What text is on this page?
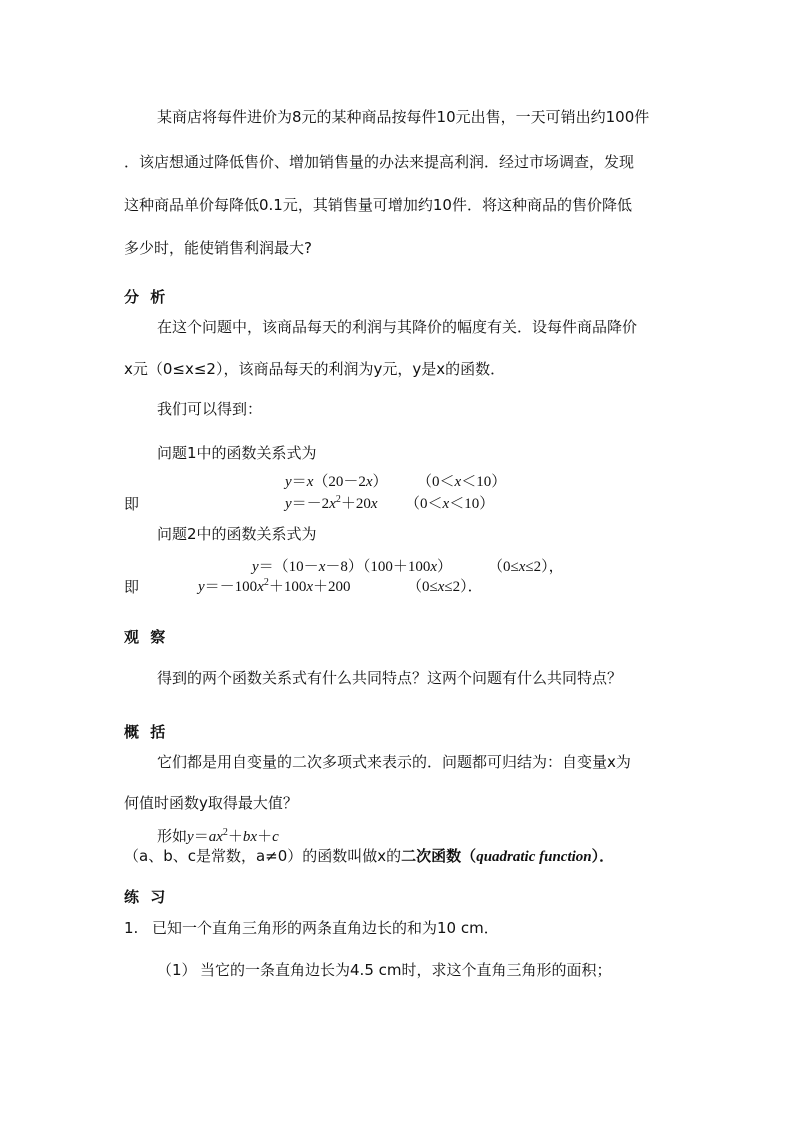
某商店将每件进价为8元的某种商品按每件10元出售，一天可销出约100件
．该店想通过降低售价、增加销售量的办法来提高利润．经过市场调查，发现
这种商品单价每降低0.1元，其销售量可增加约10件．将这种商品的售价降低
多少时，能使销售利润最大?
分 析
在这个问题中，该商品每天的利润与其降价的幅度有关．设每件商品降价
x元（0≤x≤2），该商品每天的利润为y元，y是x的函数．
我们可以得到：
问题1中的函数关系式为
y＝x（20－2x） （0＜x＜10）
即	$y=-2x^2+20x$ （0＜x＜10）
问题2中的函数关系式为
y＝（10－x－8）（100＋100x） （0≤x≤2），
即	$y=-100x^2+100x+200$	（0≤x≤2）．
观 察
得到的两个函数关系式有什么共同特点？这两个问题有什么共同特点？
概 括
它们都是用自变量的二次多项式来表示的．问题都可归结为：自变量x为
何值时函数y取得最大值？
形如$y=ax^2+bx+c$
（a、b、c是常数，a≠0）的函数叫做x的二次函数（quadratic function）．
练 习
1. 已知一个直角三角形的两条直角边长的和为10 cm．
（1） 当它的一条直角边长为4.5 cm时，求这个直角三角形的面积；
